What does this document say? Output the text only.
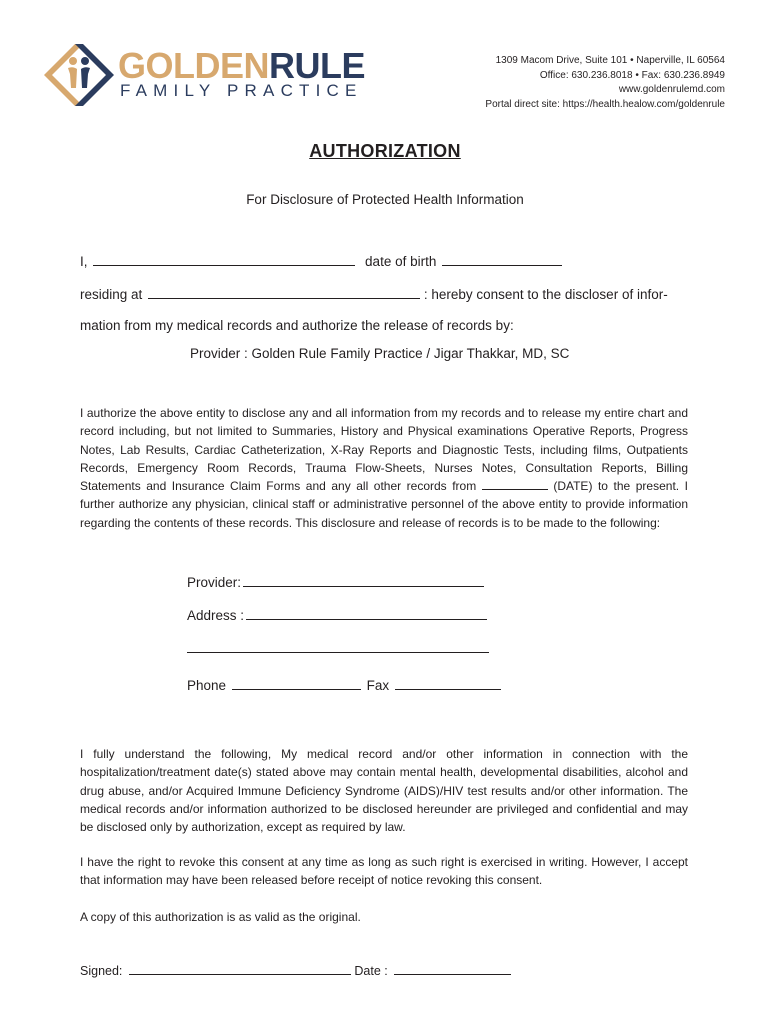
GOLDENRULE
FAMILY PRACTICE
1309 Macom Drive, Suite 101 • Naperville, IL 60564
Office: 630.236.8018 • Fax: 630.236.8949
www.goldenrulemd.com
Portal direct site: https://health.healow.com/goldenrule
AUTHORIZATION
For Disclosure of Protected Health Information
I,	date of birth
residing at	: hereby consent to the discloser of infor-
mation from my medical records and authorize the release of records by:
Provider : Golden Rule Family Practice / Jigar Thakkar, MD, SC

I authorize the above entity to disclose any and all information from my records and to release my entire chart and record including, but not limited to Summaries, History and Physical examinations Operative Reports, Progress Notes, Lab Results, Cardiac Catheterization, X-Ray Reports and Diagnostic Tests, including films, Outpatients Records, Emergency Room Records, Trauma Flow-Sheets, Nurses Notes, Consultation Reports, Billing Statements and Insurance Claim Forms and any all other records from	(DATE) to the present. I further authorize any physician, clinical staff or administrative personnel of the above entity to provide information regarding the contents of these records. This disclosure and release of records is to be made to the following:

Provider:
Address :
Phone	Fax

I fully understand the following, My medical record and/or other information in connection with the hospitalization/treatment date(s) stated above may contain mental health, developmental disabilities, alcohol and drug abuse, and/or Acquired Immune Deficiency Syndrome (AIDS)/HIV test results and/or other information. The medical records and/or information authorized to be disclosed hereunder are privileged and confidential and may be disclosed only by authorization, except as required by law.

I have the right to revoke this consent at any time as long as such right is exercised in writing. However, I accept that information may have been released before receipt of notice revoking this consent.

A copy of this authorization is as valid as the original.

Signed:	Date :
